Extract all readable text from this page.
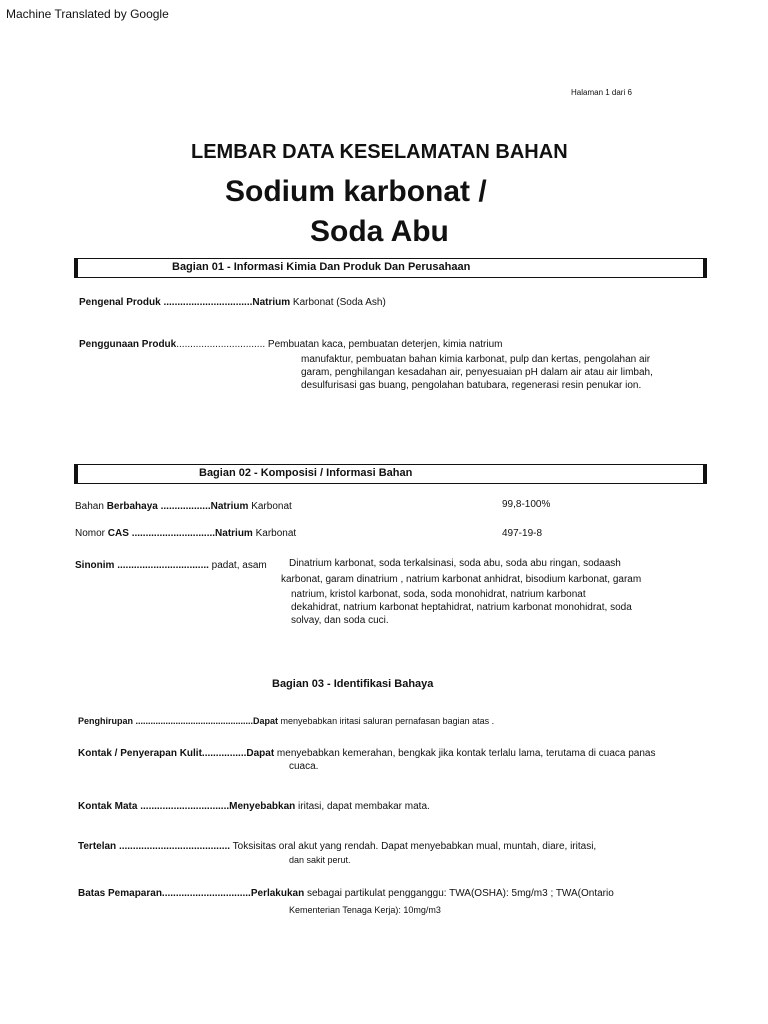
Machine Translated by Google
Halaman 1 dari 6
LEMBAR DATA KESELAMATAN BAHAN
Sodium karbonat /
Soda Abu
Bagian 01 - Informasi Kimia Dan Produk Dan Perusahaan
Pengenal Produk ................................Natrium Karbonat (Soda Ash)
Penggunaan Produk................................ Pembuatan kaca, pembuatan deterjen, kimia natrium
manufaktur, pembuatan bahan kimia karbonat, pulp dan kertas, pengolahan air
garam, penghilangan kesadahan air, penyesuaian pH dalam air atau air limbah,
desulfurisasi gas buang, pengolahan batubara, regenerasi resin penukar ion.
Bagian 02 - Komposisi / Informasi Bahan
Bahan Berbahaya ..................Natrium Karbonat	99,8-100%
Nomor CAS ..............................Natrium Karbonat	497-19-8
Sinonim ................................. padat, asam Dinatrium karbonat, soda terkalsinasi, soda abu, soda abu ringan, sodaash
karbonat, garam dinatrium , natrium karbonat anhidrat, bisodium karbonat, garam
natrium, kristol karbonat, soda, soda monohidrat, natrium karbonat
dekahidrat, natrium karbonat heptahidrat, natrium karbonat monohidrat, soda
solvay, dan soda cuci.
Bagian 03 - Identifikasi Bahaya
Penghirupan ...............................................Dapat menyebabkan iritasi saluran pernafasan bagian atas .
Kontak / Penyerapan Kulit................Dapat menyebabkan kemerahan, bengkak jika kontak terlalu lama, terutama di cuaca panas
cuaca.
Kontak Mata ................................Menyebabkan iritasi, dapat membakar mata.
Tertelan ........................................ Toksisitas oral akut yang rendah. Dapat menyebabkan mual, muntah, diare, iritasi,
dan sakit perut.
Batas Pemaparan................................Perlakukan sebagai partikulat pengganggu: TWA(OSHA): 5mg/m3 ; TWA(Ontario
Kementerian Tenaga Kerja): 10mg/m3
